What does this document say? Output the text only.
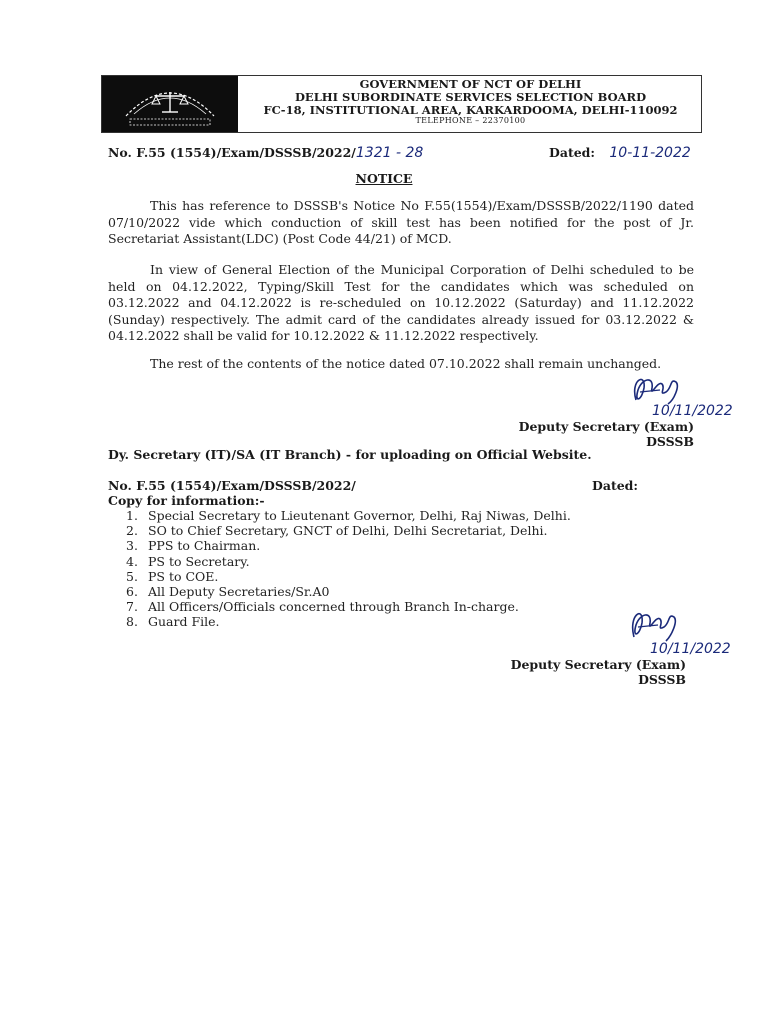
GOVERNMENT OF NCT OF DELHI
DELHI SUBORDINATE SERVICES SELECTION BOARD
FC-18, INSTITUTIONAL AREA, KARKARDOOMA, DELHI-110092
TELEPHONE – 22370100
No. F.55 (1554)/Exam/DSSSB/2022/1321 - 28	Dated: 10-11-2022
NOTICE
This has reference to DSSSB's Notice No F.55(1554)/Exam/DSSSB/2022/1190 dated 07/10/2022 vide which conduction of skill test has been notified for the post of Jr. Secretariat Assistant(LDC) (Post Code 44/21) of MCD.
In view of General Election of the Municipal Corporation of Delhi scheduled to be held on 04.12.2022, Typing/Skill Test for the candidates which was scheduled on 03.12.2022 and 04.12.2022 is re-scheduled on 10.12.2022 (Saturday) and 11.12.2022 (Sunday) respectively. The admit card of the candidates already issued for 03.12.2022 & 04.12.2022 shall be valid for 10.12.2022 & 11.12.2022 respectively.
The rest of the contents of the notice dated 07.10.2022 shall remain unchanged.
10/11/2022
Deputy Secretary (Exam)
DSSSB
Dy. Secretary (IT)/SA (IT Branch) - for uploading on Official Website.
No. F.55 (1554)/Exam/DSSSB/2022/	Dated:
Copy for information:-
1. Special Secretary to Lieutenant Governor, Delhi, Raj Niwas, Delhi.
2. SO to Chief Secretary, GNCT of Delhi, Delhi Secretariat, Delhi.
3. PPS to Chairman.
4. PS to Secretary.
5. PS to COE.
6. All Deputy Secretaries/Sr.A0
7. All Officers/Officials concerned through Branch In-charge.
8. Guard File.
10/11/2022
Deputy Secretary (Exam)
DSSSB
